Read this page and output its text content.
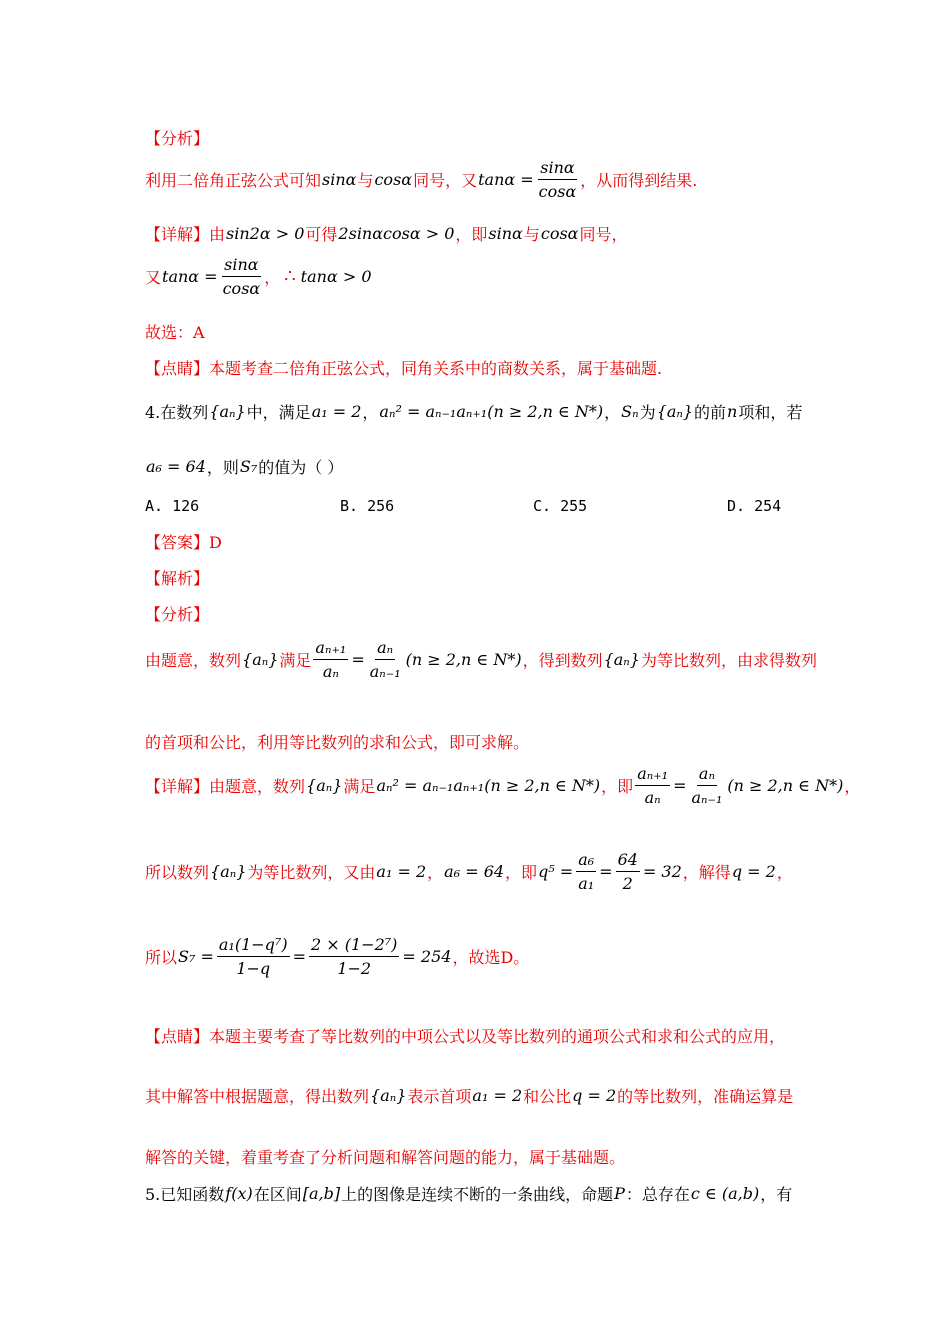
【分析】
利用二倍角正弦公式可知 sinα 与 cosα 同号，又 $\tan\alpha = \frac{\sin\alpha}{\cos\alpha}$ ，从而得到结果.
【详解】 由 sin2α > 0 可得 2sinαcosα > 0 ，即 sinα 与 cosα 同号，
又 $\tan\alpha = \frac{\sin\alpha}{\cos\alpha}$ ， ∴ tanα > 0
故选：A
【点睛】 本题考查二倍角正弦公式，同角关系中的商数关系，属于基础题.
4.在数列 {aₙ} 中，满足 a₁ = 2 ， aₙ² = aₙ₋₁aₙ₊₁(n ≥ 2,n ∈ N*) ， Sₙ 为 {aₙ} 的前 n 项和，若
a₆ = 64 ，则 S₇ 的值为（ ）
A. 126	B. 256	C. 255	D. 254
【答案】D
【解析】
【分析】
由题意，数列 {aₙ} 满足 $\frac{\text{aₙ₊₁}}{\text{aₙ}} = \frac{\text{aₙ}}{\text{aₙ₋₁}} (n \ge 2,n$ ∈ N*) ，得到数列 {aₙ} 为等比数列，由求得数列
的首项和公比，利用等比数列的求和公式，即可求解。
【详解】 由题意，数列 {aₙ} 满足 aₙ² = aₙ₋₁aₙ₊₁(n ≥ 2,n ∈ N*) ，即 $\frac{\text{aₙ₊₁}}{\text{aₙ}} = \frac{\text{aₙ}}{\text{aₙ₋₁}} (n \ge 2,n$ ∈ N*) ，
所以数列 {aₙ} 为等比数列，又由 a₁ = 2 ， a₆ = 64 ，即 $q^5 = \frac{\text{a₆}}{\text{a₁}} = \frac{64}{2} = 32$ ，解得 q = 2 ，
所以 $S_7 = \frac{\text{a₁(1−q⁷)}}{1-q} = \frac{\text{2 × (1−2⁷)}}{1-2} = 254$ ，故选D。
【点睛】 本题主要考查了等比数列的中项公式以及等比数列的通项公式和求和公式的应用，
其中解答中根据题意，得出数列 {aₙ} 表示首项 a₁ = 2 和公比 q = 2 的等比数列，准确运算是
解答的关键，着重考查了分析问题和解答问题的能力，属于基础题。
5.已知函数 f(x) 在区间 [a,b] 上的图像是连续不断的一条曲线，命题 P ：总存在 c ∈ (a,b) ，有
